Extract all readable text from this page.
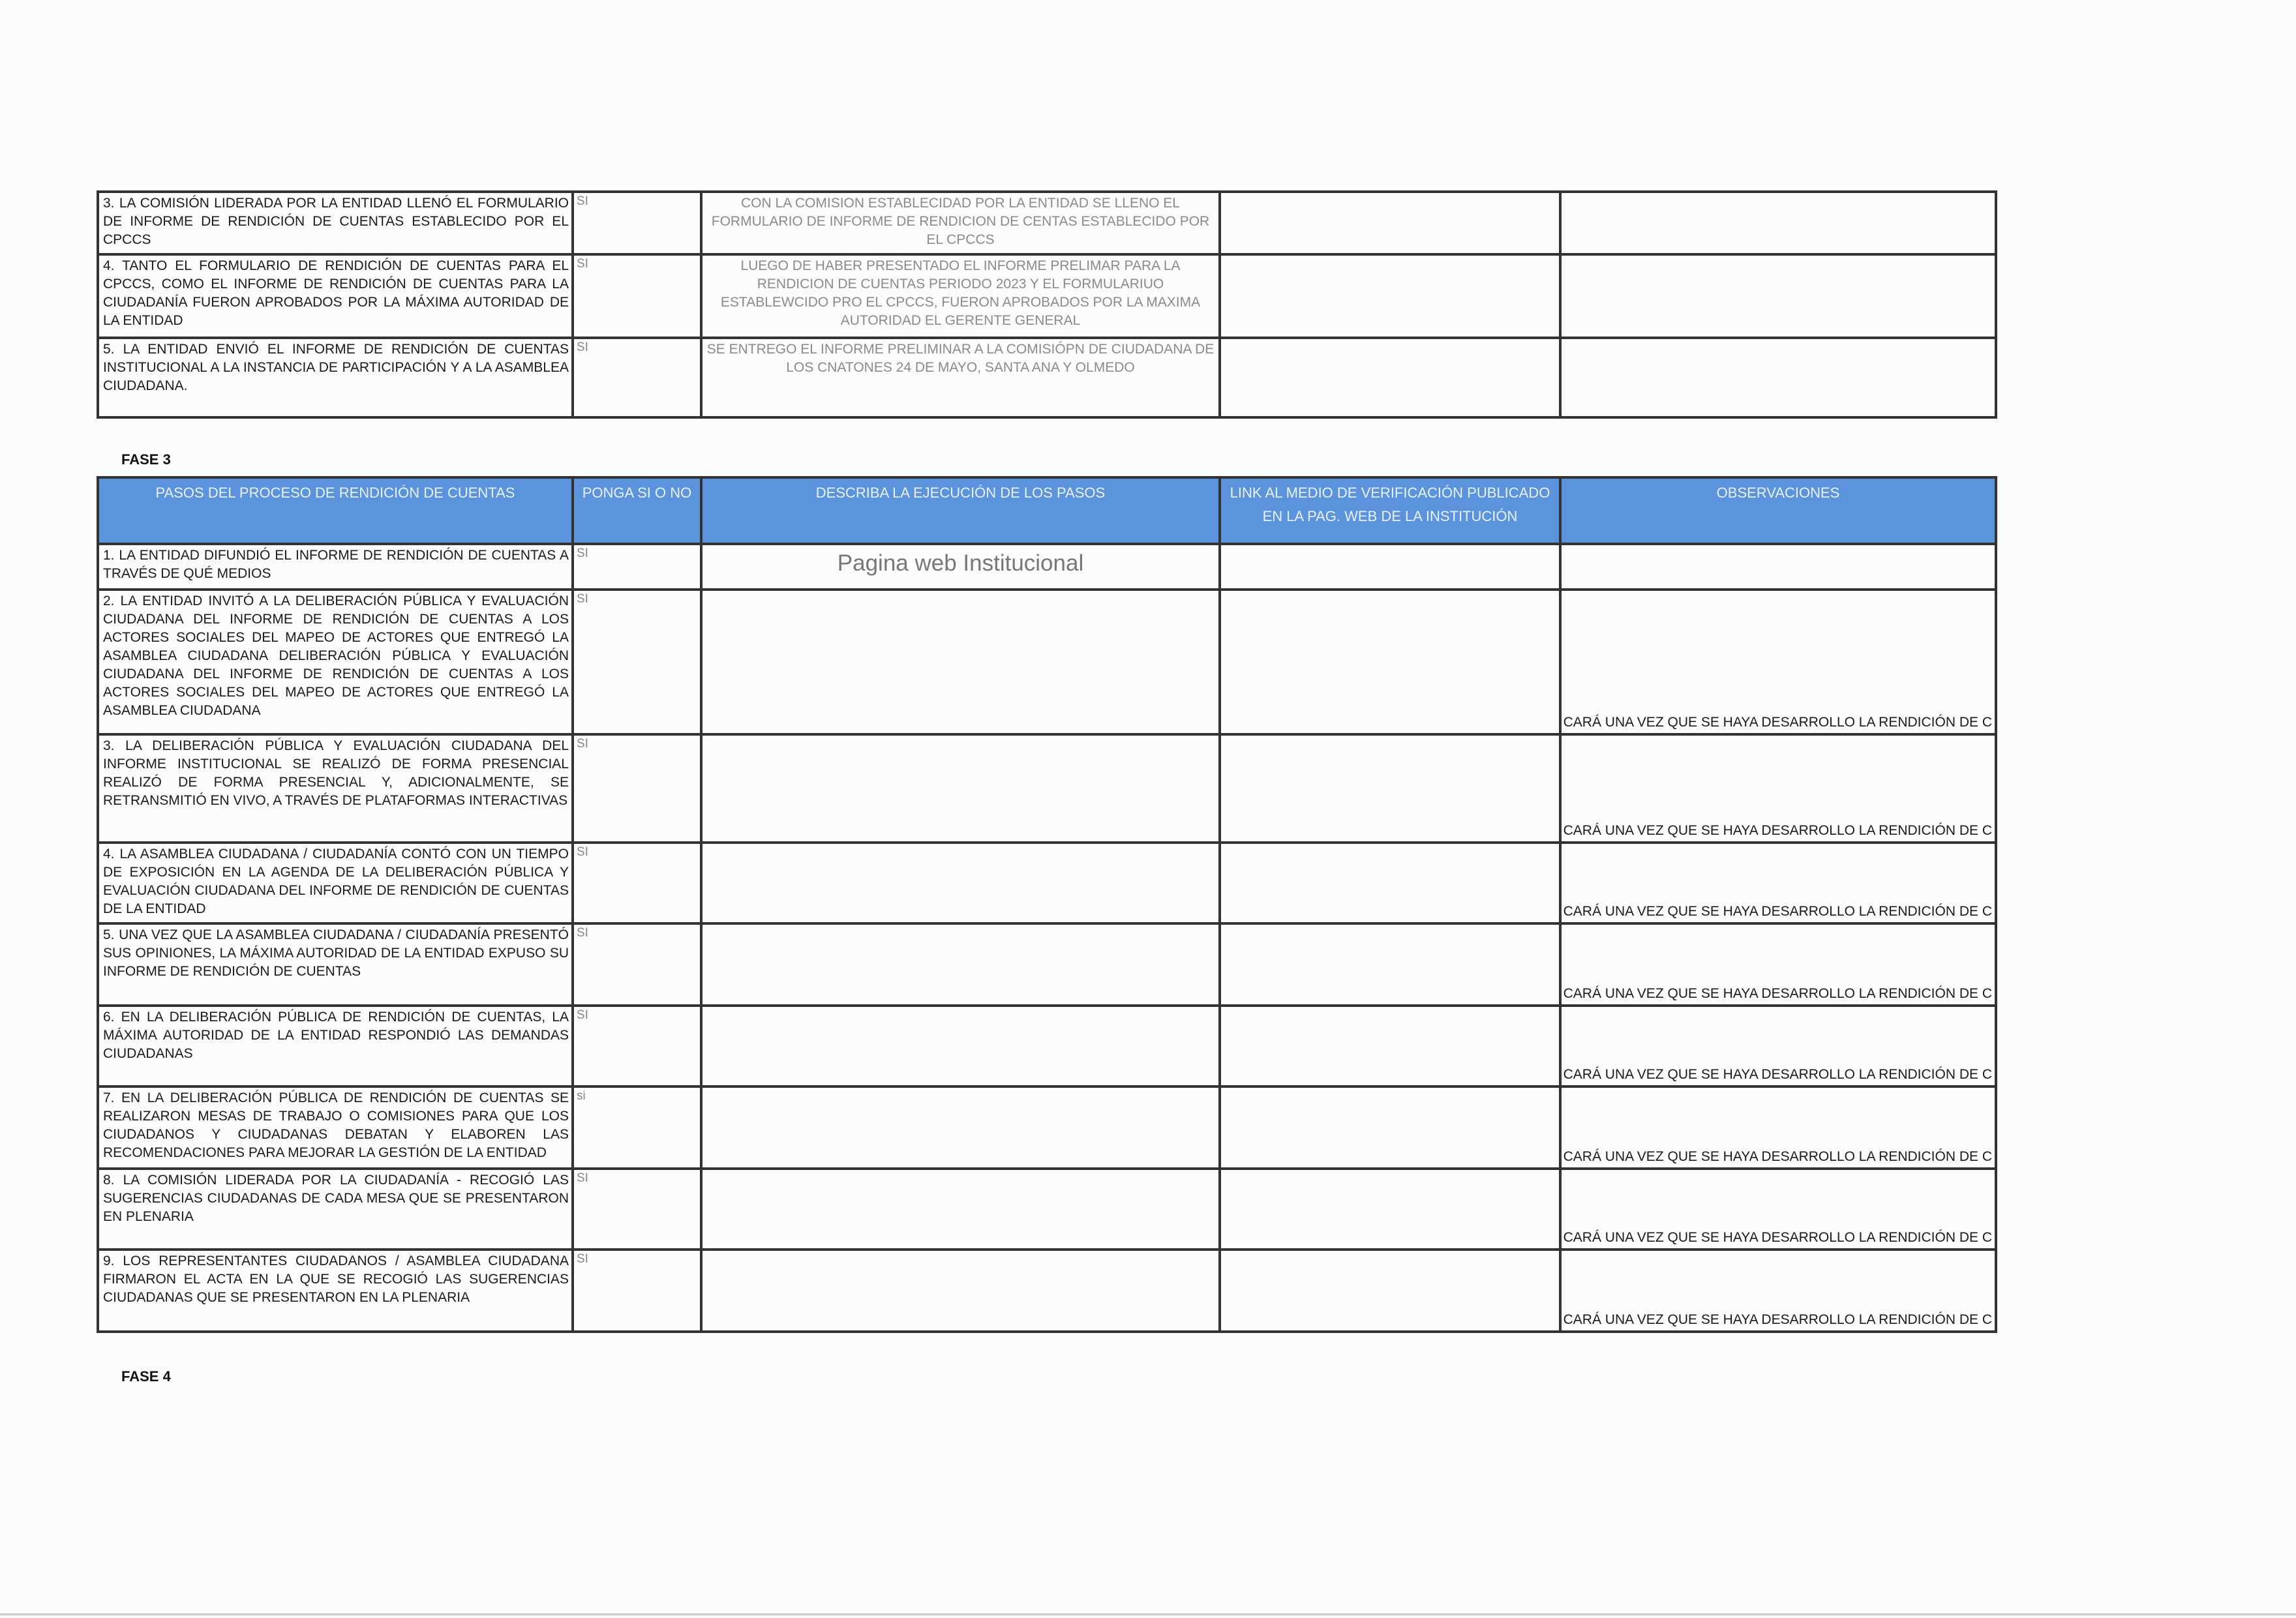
3. LA COMISIÓN LIDERADA POR LA ENTIDAD LLENÓ EL FORMULARIO DE INFORME DE RENDICIÓN DE CUENTAS ESTABLECIDO POR EL CPCCS	SI	CON LA COMISION ESTABLECIDAD POR LA ENTIDAD SE LLENO EL FORMULARIO DE INFORME DE RENDICION DE CENTAS ESTABLECIDO POR EL CPCCS		
4. TANTO EL FORMULARIO DE RENDICIÓN DE CUENTAS PARA EL CPCCS, COMO EL INFORME DE RENDICIÓN DE CUENTAS PARA LA CIUDADANÍA FUERON APROBADOS POR LA MÁXIMA AUTORIDAD DE LA ENTIDAD	SI	LUEGO DE HABER PRESENTADO EL INFORME PRELIMAR PARA LA RENDICION DE CUENTAS PERIODO 2023 Y EL FORMULARIUO ESTABLEWCIDO PRO EL CPCCS, FUERON APROBADOS POR LA MAXIMA AUTORIDAD EL GERENTE GENERAL		
5. LA ENTIDAD ENVIÓ EL INFORME DE RENDICIÓN DE CUENTAS INSTITUCIONAL A LA INSTANCIA DE PARTICIPACIÓN Y A LA ASAMBLEA CIUDADANA.	SI	SE ENTREGO EL INFORME PRELIMINAR A LA COMISIÓPN DE CIUDADANA DE LOS CNATONES 24 DE MAYO, SANTA ANA Y OLMEDO		
FASE 3
PASOS DEL PROCESO DE RENDICIÓN DE CUENTAS	PONGA SI O NO	DESCRIBA LA EJECUCIÓN DE LOS PASOS	LINK AL MEDIO DE VERIFICACIÓN PUBLICADO EN LA PAG. WEB DE LA INSTITUCIÓN	OBSERVACIONES
1. LA ENTIDAD DIFUNDIÓ EL INFORME DE RENDICIÓN DE CUENTAS A TRAVÉS DE QUÉ MEDIOS	SI	Pagina web Institucional		

2. LA ENTIDAD INVITÓ A LA DELIBERACIÓN PÚBLICA Y EVALUACIÓN CIUDADANA DEL INFORME DE RENDICIÓN DE CUENTAS A LOS ACTORES SOCIALES DEL MAPEO DE ACTORES QUE ENTREGÓ LA ASAMBLEA CIUDADANA DELIBERACIÓN PÚBLICA Y EVALUACIÓN CIUDADANA DEL INFORME DE RENDICIÓN DE CUENTAS A LOS ACTORES SOCIALES DEL MAPEO DE ACTORES QUE ENTREGÓ LA ASAMBLEA CIUDADANA	SI			CARÁ UNA VEZ QUE SE HAYA DESARROLLO LA RENDICIÓN DE C

3. LA DELIBERACIÓN PÚBLICA Y EVALUACIÓN CIUDADANA DEL INFORME INSTITUCIONAL SE REALIZÓ DE FORMA PRESENCIAL REALIZÓ DE FORMA PRESENCIAL Y, ADICIONALMENTE, SE RETRANSMITIÓ EN VIVO, A TRAVÉS DE PLATAFORMAS INTERACTIVAS	SI			CARÁ UNA VEZ QUE SE HAYA DESARROLLO LA RENDICIÓN DE C

4. LA ASAMBLEA CIUDADANA / CIUDADANÍA CONTÓ CON UN TIEMPO DE EXPOSICIÓN EN LA AGENDA DE LA DELIBERACIÓN PÚBLICA Y EVALUACIÓN CIUDADANA DEL INFORME DE RENDICIÓN DE CUENTAS DE LA ENTIDAD	SI			CARÁ UNA VEZ QUE SE HAYA DESARROLLO LA RENDICIÓN DE C

5. UNA VEZ QUE LA ASAMBLEA CIUDADANA / CIUDADANÍA PRESENTÓ SUS OPINIONES, LA MÁXIMA AUTORIDAD DE LA ENTIDAD EXPUSO SU INFORME DE RENDICIÓN DE CUENTAS	SI			CARÁ UNA VEZ QUE SE HAYA DESARROLLO LA RENDICIÓN DE C

6. EN LA DELIBERACIÓN PÚBLICA DE RENDICIÓN DE CUENTAS, LA MÁXIMA AUTORIDAD DE LA ENTIDAD RESPONDIÓ LAS DEMANDAS CIUDADANAS	SI			CARÁ UNA VEZ QUE SE HAYA DESARROLLO LA RENDICIÓN DE C

7. EN LA DELIBERACIÓN PÚBLICA DE RENDICIÓN DE CUENTAS SE REALIZARON MESAS DE TRABAJO O COMISIONES PARA QUE LOS CIUDADANOS Y CIUDADANAS DEBATAN Y ELABOREN LAS RECOMENDACIONES PARA MEJORAR LA GESTIÓN DE LA ENTIDAD	si			CARÁ UNA VEZ QUE SE HAYA DESARROLLO LA RENDICIÓN DE C

8. LA COMISIÓN LIDERADA POR LA CIUDADANÍA - RECOGIÓ LAS SUGERENCIAS CIUDADANAS DE CADA MESA QUE SE PRESENTARON EN PLENARIA	SI			CARÁ UNA VEZ QUE SE HAYA DESARROLLO LA RENDICIÓN DE C

9. LOS REPRESENTANTES CIUDADANOS / ASAMBLEA CIUDADANA FIRMARON EL ACTA EN LA QUE SE RECOGIÓ LAS SUGERENCIAS CIUDADANAS QUE SE PRESENTARON EN LA PLENARIA	SI			CARÁ UNA VEZ QUE SE HAYA DESARROLLO LA RENDICIÓN DE C
FASE 4
